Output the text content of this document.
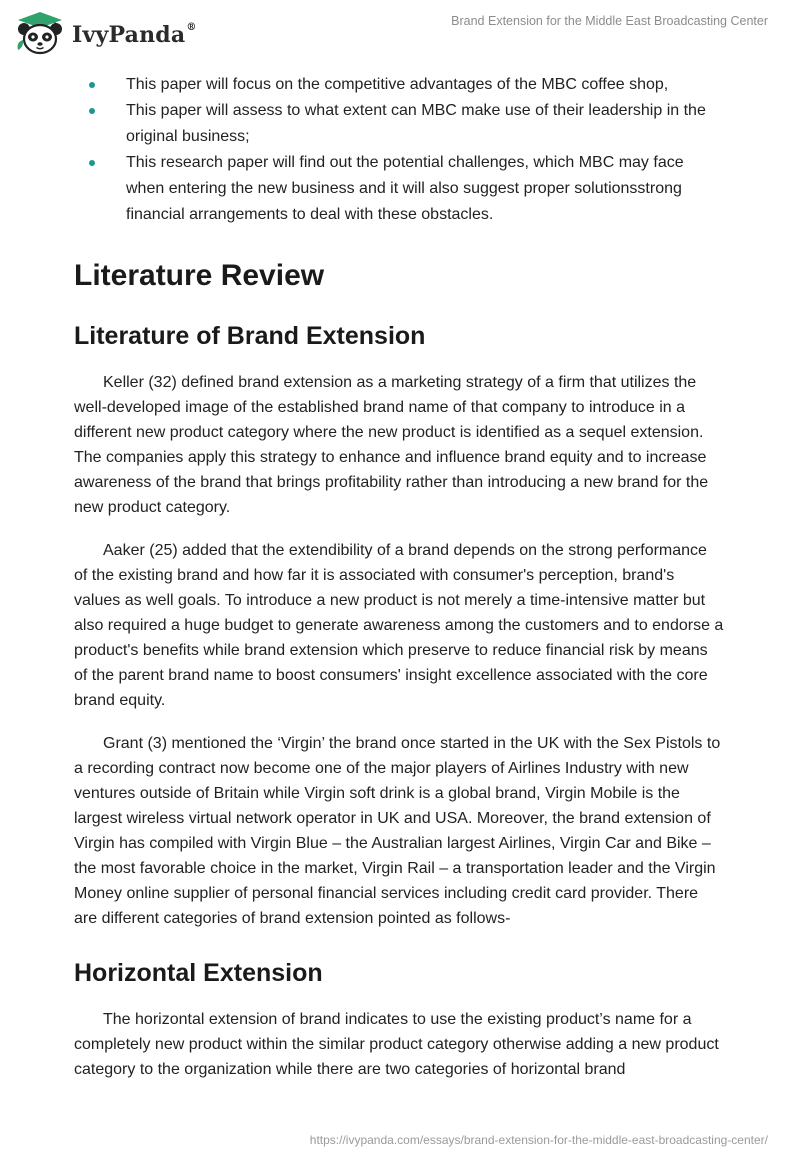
IvyPanda®	Brand Extension for the Middle East Broadcasting Center
This paper will focus on the competitive advantages of the MBC coffee shop,
This paper will assess to what extent can MBC make use of their leadership in the original business;
This research paper will find out the potential challenges, which MBC may face when entering the new business and it will also suggest proper solutionsstrong financial arrangements to deal with these obstacles.
Literature Review
Literature of Brand Extension

Keller (32) defined brand extension as a marketing strategy of a firm that utilizes the well-developed image of the established brand name of that company to introduce in a different new product category where the new product is identified as a sequel extension. The companies apply this strategy to enhance and influence brand equity and to increase awareness of the brand that brings profitability rather than introducing a new brand for the new product category.

Aaker (25) added that the extendibility of a brand depends on the strong performance of the existing brand and how far it is associated with consumer's perception, brand's values as well goals. To introduce a new product is not merely a time-intensive matter but also required a huge budget to generate awareness among the customers and to endorse a product's benefits while brand extension which preserve to reduce financial risk by means of the parent brand name to boost consumers' insight excellence associated with the core brand equity.

Grant (3) mentioned the ‘Virgin’ the brand once started in the UK with the Sex Pistols to a recording contract now become one of the major players of Airlines Industry with new ventures outside of Britain while Virgin soft drink is a global brand, Virgin Mobile is the largest wireless virtual network operator in UK and USA. Moreover, the brand extension of Virgin has compiled with Virgin Blue – the Australian largest Airlines, Virgin Car and Bike – the most favorable choice in the market, Virgin Rail – a transportation leader and the Virgin Money online supplier of personal financial services including credit card provider. There are different categories of brand extension pointed as follows-

Horizontal Extension

The horizontal extension of brand indicates to use the existing product’s name for a completely new product within the similar product category otherwise adding a new product category to the organization while there are two categories of horizontal brand

https://ivypanda.com/essays/brand-extension-for-the-middle-east-broadcasting-center/
